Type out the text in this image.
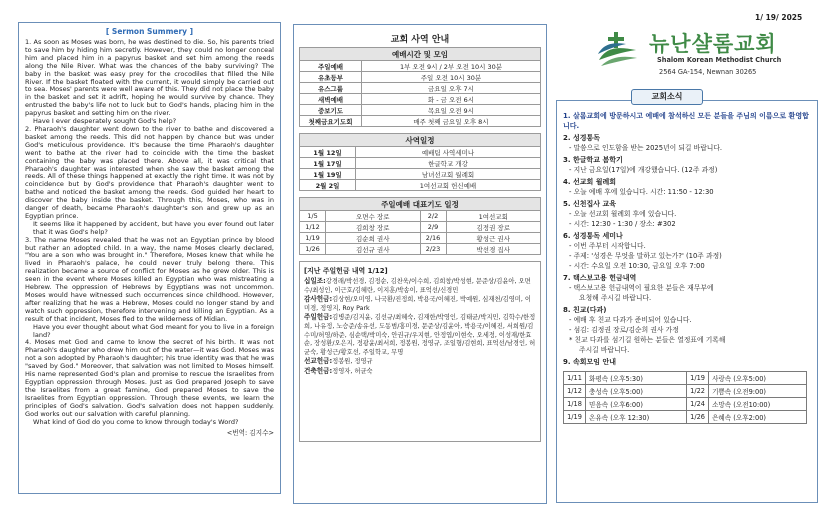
[ Sermon Summery ]

1. As soon as Moses was born, he was destined to die. So, his parents tried to save him by hiding him secretly. However, they could no longer conceal him and placed him in a papyrus basket and set him among the reeds along the Nile River. What was the chances of the baby surviving? The baby in the basket was easy prey for the crocodiles that filled the Nile River. If the basket floated with the current, it would simply be carried out to sea. Moses' parents were well aware of this. They did not place the baby in the basket and set it adrift, hoping he would survive by chance. They entrusted the baby's life not to luck but to God's hands, placing him in the papyrus basket and setting him on the river.

Have I ever desperately sought God's help?

2. Pharaoh's daughter went down to the river to bathe and discovered a basket among the reeds. This did not happen by chance but was under God's meticulous providence. It's because the time Pharaoh's daughter went to bathe at the river had to coincide with the time the basket containing the baby was placed there. Above all, it was critical that Pharaoh's daughter was interested when she saw the basket among the reeds. All of these things happened at exactly the right time. It was not by coincidence but by God's providence that Pharaoh's daughter went to bathe and noticed the basket among the reeds. God guided her heart to discover the baby inside the basket. Through this, Moses, who was in danger of death, became Pharaoh's daughter's son and grew up as an Egyptian prince.

It seems like it happened by accident, but have you ever found out later that it was God's help?

3. The name Moses revealed that he was not an Egyptian prince by blood but rather an adopted child. In a way, the name Moses clearly declared, "You are a son who was brought in." Therefore, Moses knew that while he lived in Pharaoh's palace, he could never truly belong there. This realization became a source of conflict for Moses as he grew older. This is seen in the event where Moses killed an Egyptian who was mistreating a Hebrew. The oppression of Hebrews by Egyptians was not uncommon. Moses would have witnessed such occurrences since childhood. However, after realizing that he was a Hebrew, Moses could no longer stand by and watch such oppression, therefore intervening and killing an Egyptian. As a result of that incident, Moses fled to the wilderness of Midian.

Have you ever thought about what God meant for you to live in a foreign land?

4. Moses met God and came to know the secret of his birth. It was not Pharaoh's daughter who drew him out of the water—it was God. Moses was not a son adopted by Pharaoh's daughter; his true identity was that he was "saved by God." Moreover, that salvation was not limited to Moses himself. His name represented God's plan and promise to rescue the Israelites from Egyptian oppression through Moses. Just as God prepared Joseph to save the Israelites from a great famine, God prepared Moses to save the Israelites from Egyptian oppression. Through these events, we learn the principles of God's salvation. God's salvation does not happen suddenly. God works out our salvation with careful planning.

What kind of God do you come to know through today's Word?

<번역: 김지수>
교회 사역 안내
예배시간 및 모임	
주일예배	1부 오전 9시 / 2부 오전 10시 30분
유초등부	주일 오전 10시 30분
유스그룹	금요일 오후 7시
새벽예배	화 - 금 오전 6시
중보기도	목요일 오전 9시
첫째금요기도회	매주 첫째 금요일 오후 8시
사역일정	
1월 12일	예배팀 사역세미나
1월 17일	한글학교 개강
1월 19일	남녀선교회 월례회
2월 2일	1여선교회 헌신예배
주일예배 대표기도 일정			
1/5	오면수 장로	2/2	1여선교회
1/12	김희창 장로	2/9	김정권 장로
1/19	김순희 권사	2/16	황성근 권사
1/26	김선규 권사	2/23	박선경 집사
[지난 주일헌금 내역 1/12]

십일조:강경래/박선경, 김정순, 김찬욱/이수희, 김희창/박성현, 문준상/김윤아, 오면수/최성인, 이근호/김혜란, 이지훈/박송이, 표억선/신경민

감사헌금:김상현/오미영, 나국환/진정희, 박용국/이혜진, 박예원, 심재천/김영미, 이미경, 정영지, Roy Park

주일헌금:김병준/김지윤, 김선규/최혜숙, 김재한/박영인, 김태균/박지민, 김학수/한정희, 나유정, 노승준/송유선, 도동범/홍미경, 문준상/김윤아, 박용국/이혜진, 서희원/김수미/허영/하준, 심순택/박미숙, 안권규/우지현, 안정엽/이현숙, 오세정, 이성재/한효순, 장성환/오은지, 정광윤/최서희, 정봉원, 정영규, 조일형/김현희, 표억선/남경인, 허균숙, 황성근/황호선, 주일학교, 무명

선교헌금:정봉원, 정영규

건축헌금:정영자, 허균숙

1/ 19/ 2025
뉴난샬롬교회
Shalom Korean Methodist Church
2564 GA-154, Newnan 30265
1. 살롬교회에 방문하시고 예배에 참석하신 모든 분들을 주님의 이름으로 환영합니다.
2. 성경통독
- 말씀으로 인도함을 받는 2025년이 되길 바랍니다.
3. 한글학교 봄학기
- 지난 금요일(17일)에 개강했습니다. (12주 과정)
4. 선교회 월례회
- 오늘 예배 후에 있습니다. 시간: 11:50 - 12:30
5. 신천집사 교육
- 오늘 선교회 월례회 후에 있습니다.
- 시간: 12:30 - 1:30 / 장소: #302
6. 성경통독 세미나
- 이번 주부터 시작합니다.
- 주제: '성경은 무엇을 말하고 있는가?' (10주 과정)
- 시간: 수요일 오전 10:30, 금요일 오후 7:00
7. 택스보고용 헌금내역
- 택스보고용 헌금내역이 필요한 분들은 재무부에
요청해 주시길 바랍니다.
8. 친교(다과)
- 예배 후 친교 다과가 준비되어 있습니다.
- 섬김: 김정권 장로/김순희 권사 가정
* 친교 다과를 섬기길 원하는 분들은 열정표에 기록해
주시길 바랍니다.
9. 속회모임 안내
1/11	화평속 (오후5:30)	1/19	사랑속 (오후5:00)
1/12	충성속 (오후5:00)	1/22	기쁨속 (오전9:00)
1/18	믿음속 (오후6:00)	1/24	소망속 (오전10:00)
1/19	온유속 (오후 12:30)	1/26	은혜속 (오후2:00)
교회소식
